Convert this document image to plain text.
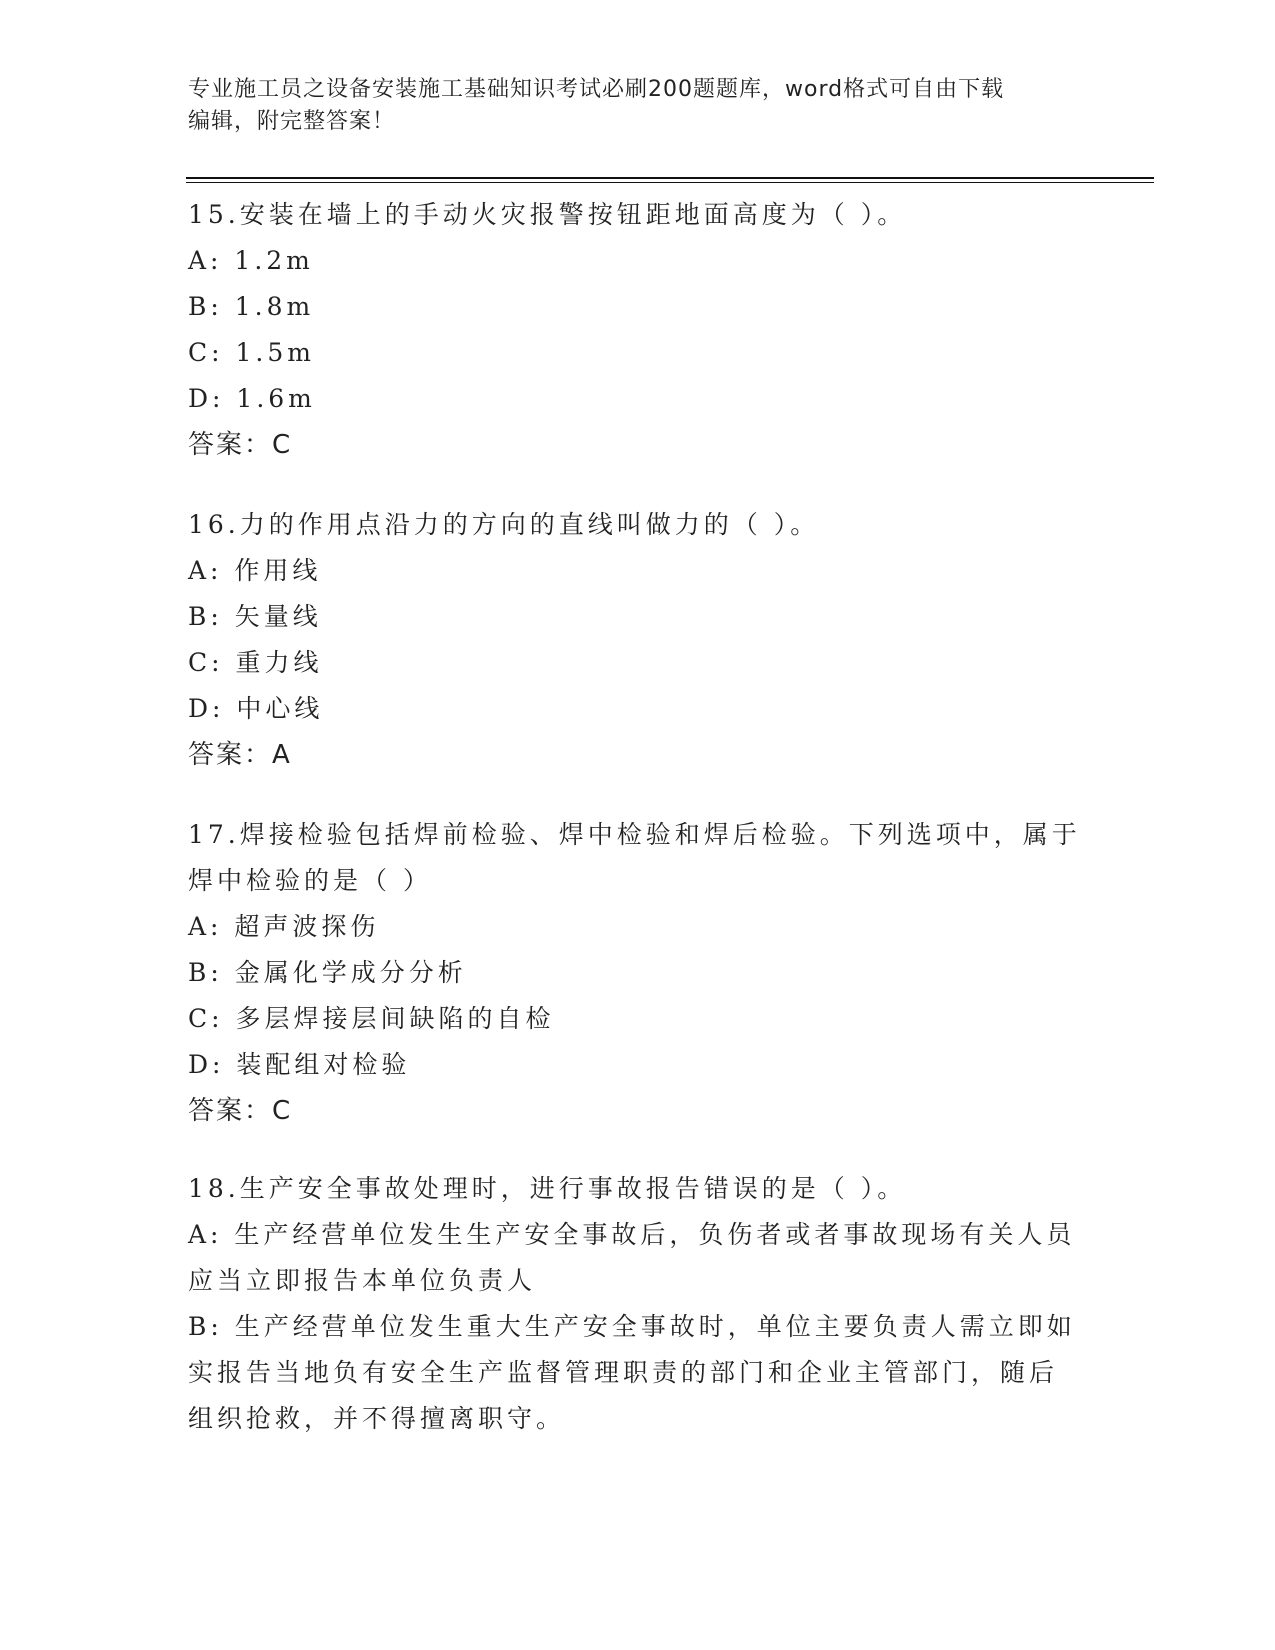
专业施工员之设备安装施工基础知识考试必刷200题题库，word格式可自由下载
编辑，附完整答案！
15.安装在墙上的手动火灾报警按钮距地面高度为（ ）。
A: 1.2m
B: 1.8m
C: 1.5m
D: 1.6m
答案：C
16.力的作用点沿力的方向的直线叫做力的（ ）。
A: 作用线
B: 矢量线
C: 重力线
D: 中心线
答案：A
17.焊接检验包括焊前检验、焊中检验和焊后检验。下列选项中，属于
焊中检验的是（ ）
A: 超声波探伤
B: 金属化学成分分析
C: 多层焊接层间缺陷的自检
D: 装配组对检验
答案：C
18.生产安全事故处理时，进行事故报告错误的是（ ）。
A: 生产经营单位发生生产安全事故后，负伤者或者事故现场有关人员
应当立即报告本单位负责人
B: 生产经营单位发生重大生产安全事故时，单位主要负责人需立即如
实报告当地负有安全生产监督管理职责的部门和企业主管部门，随后
组织抢救，并不得擅离职守。
